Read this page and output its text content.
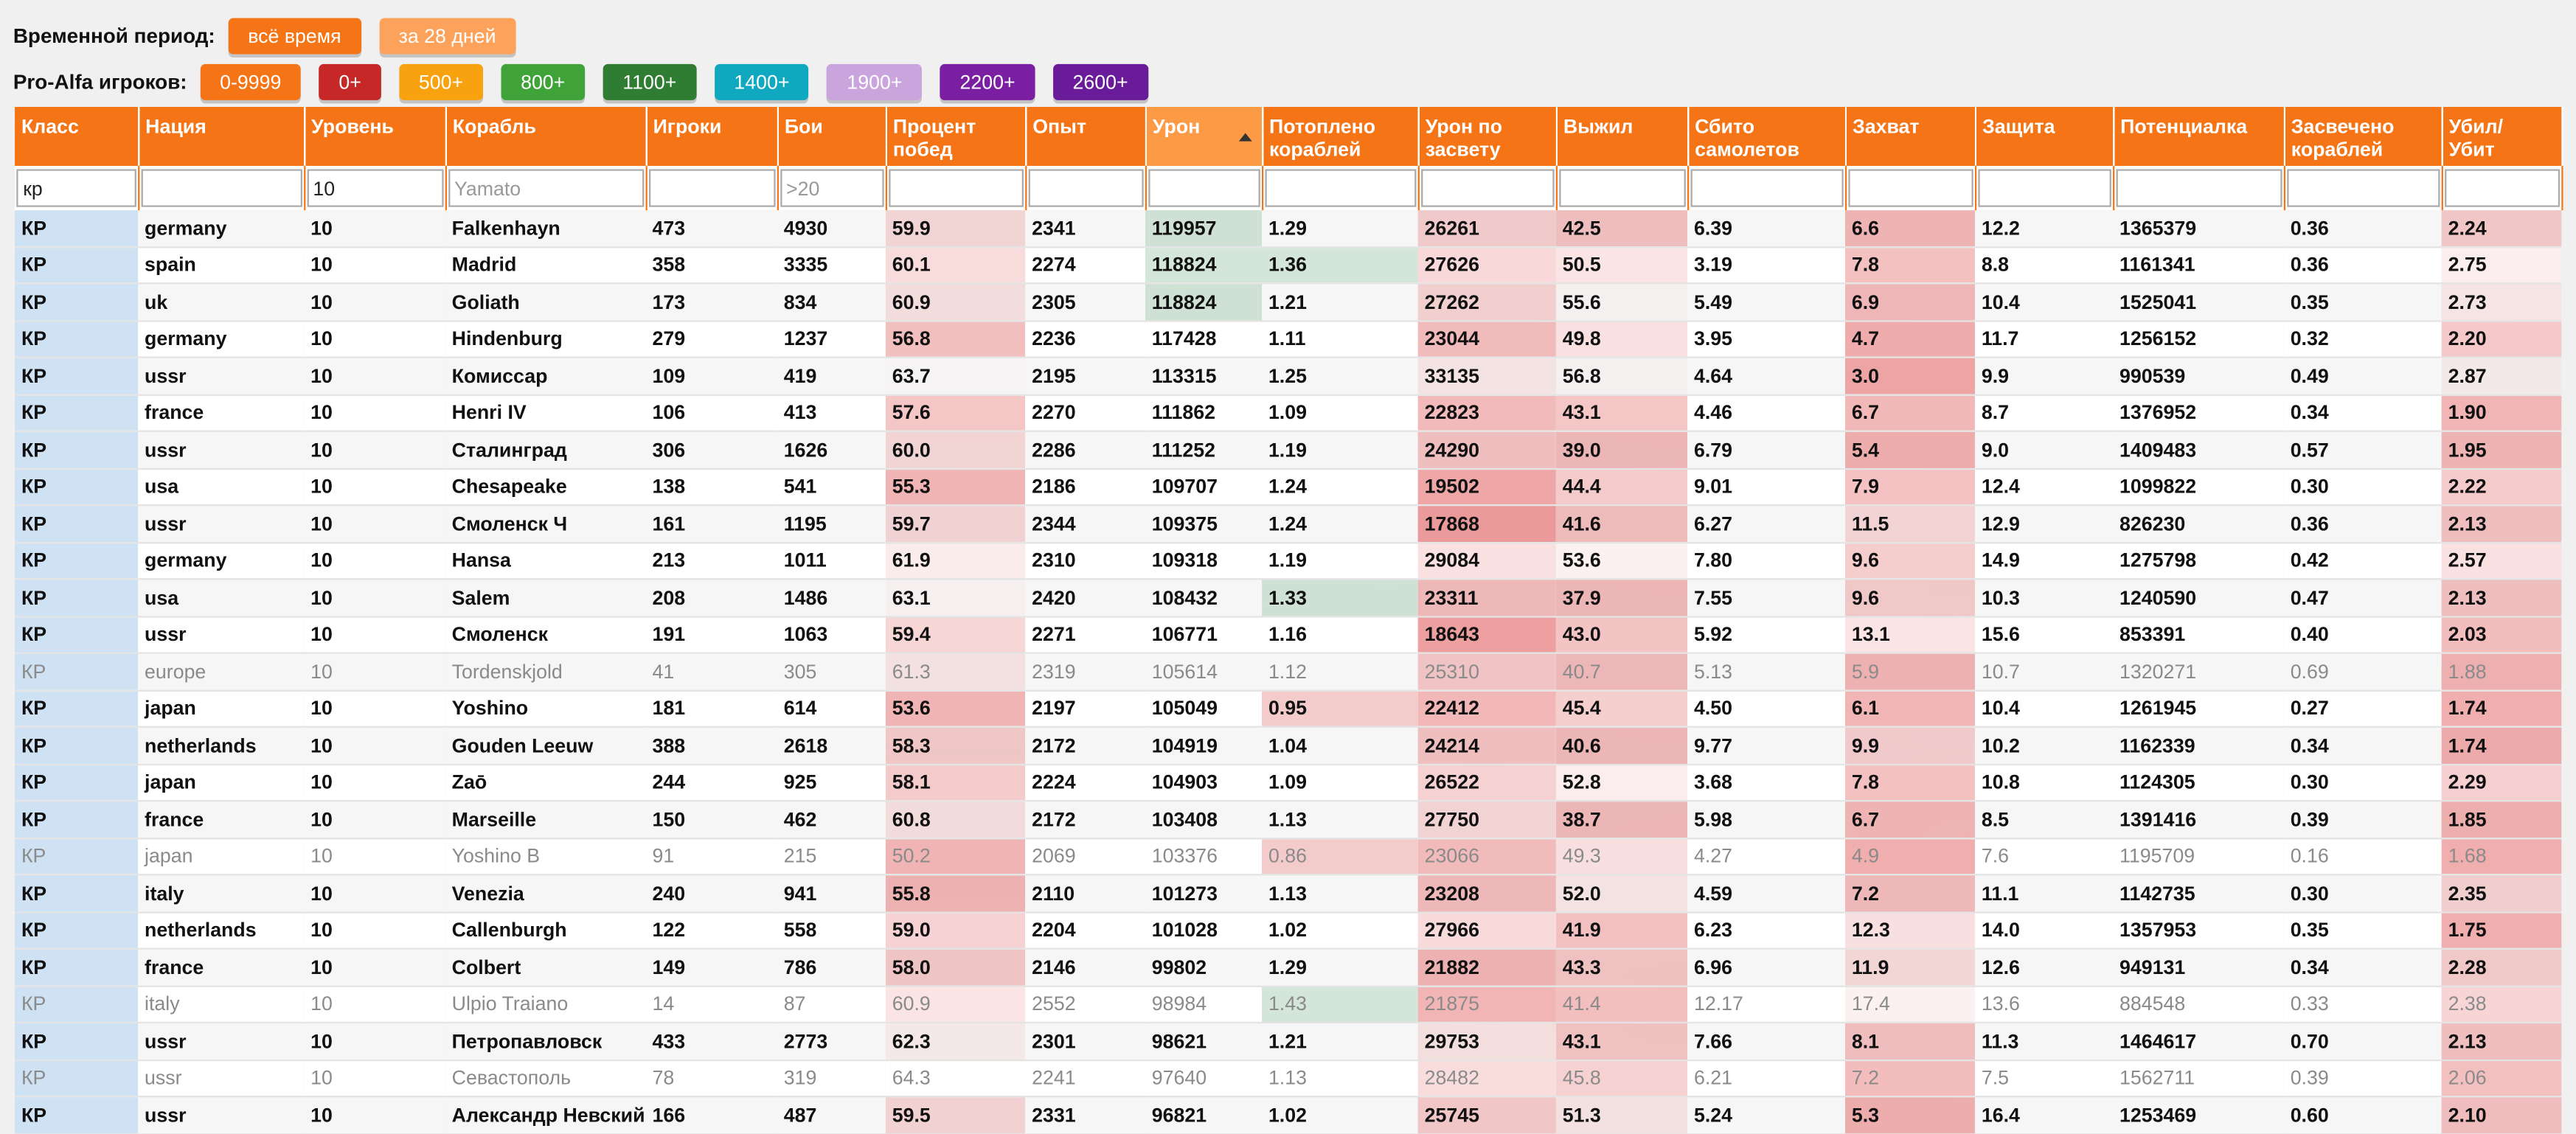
Временной период:	всё время	за 28 дней
Pro-Alfa игроков:	0-9999	0+	500+	800+	1100+	1400+	1900+	2200+	2600+
Класс	Нация	Уровень	Корабль	Игроки	Бои	Процент побед	Опыт	Урон	Потоплено кораблей	Урон по засвету	Выжил	Сбито самолетов	Захват	Защита	Потенциалка	Засвечено кораблей	Убил/ Убит
кр		10	Yamato		>20												
КР	germany	10	Falkenhayn	473	4930	59.9	2341	119957	1.29	26261	42.5	6.39	6.6	12.2	1365379	0.36	2.24
КР	spain	10	Madrid	358	3335	60.1	2274	118824	1.36	27626	50.5	3.19	7.8	8.8	1161341	0.36	2.75
КР	uk	10	Goliath	173	834	60.9	2305	118824	1.21	27262	55.6	5.49	6.9	10.4	1525041	0.35	2.73
КР	germany	10	Hindenburg	279	1237	56.8	2236	117428	1.11	23044	49.8	3.95	4.7	11.7	1256152	0.32	2.20
КР	ussr	10	Комиссар	109	419	63.7	2195	113315	1.25	33135	56.8	4.64	3.0	9.9	990539	0.49	2.87
КР	france	10	Henri IV	106	413	57.6	2270	111862	1.09	22823	43.1	4.46	6.7	8.7	1376952	0.34	1.90
КР	ussr	10	Сталинград	306	1626	60.0	2286	111252	1.19	24290	39.0	6.79	5.4	9.0	1409483	0.57	1.95
КР	usa	10	Chesapeake	138	541	55.3	2186	109707	1.24	19502	44.4	9.01	7.9	12.4	1099822	0.30	2.22
КР	ussr	10	Смоленск Ч	161	1195	59.7	2344	109375	1.24	17868	41.6	6.27	11.5	12.9	826230	0.36	2.13
КР	germany	10	Hansa	213	1011	61.9	2310	109318	1.19	29084	53.6	7.80	9.6	14.9	1275798	0.42	2.57
КР	usa	10	Salem	208	1486	63.1	2420	108432	1.33	23311	37.9	7.55	9.6	10.3	1240590	0.47	2.13
КР	ussr	10	Смоленск	191	1063	59.4	2271	106771	1.16	18643	43.0	5.92	13.1	15.6	853391	0.40	2.03
КР	europe	10	Tordenskjold	41	305	61.3	2319	105614	1.12	25310	40.7	5.13	5.9	10.7	1320271	0.69	1.88
КР	japan	10	Yoshino	181	614	53.6	2197	105049	0.95	22412	45.4	4.50	6.1	10.4	1261945	0.27	1.74
КР	netherlands	10	Gouden Leeuw	388	2618	58.3	2172	104919	1.04	24214	40.6	9.77	9.9	10.2	1162339	0.34	1.74
КР	japan	10	Zaō	244	925	58.1	2224	104903	1.09	26522	52.8	3.68	7.8	10.8	1124305	0.30	2.29
КР	france	10	Marseille	150	462	60.8	2172	103408	1.13	27750	38.7	5.98	6.7	8.5	1391416	0.39	1.85
КР	japan	10	Yoshino B	91	215	50.2	2069	103376	0.86	23066	49.3	4.27	4.9	7.6	1195709	0.16	1.68
КР	italy	10	Venezia	240	941	55.8	2110	101273	1.13	23208	52.0	4.59	7.2	11.1	1142735	0.30	2.35
КР	netherlands	10	Callenburgh	122	558	59.0	2204	101028	1.02	27966	41.9	6.23	12.3	14.0	1357953	0.35	1.75
КР	france	10	Colbert	149	786	58.0	2146	99802	1.29	21882	43.3	6.96	11.9	12.6	949131	0.34	2.28
КР	italy	10	Ulpio Traiano	14	87	60.9	2552	98984	1.43	21875	41.4	12.17	17.4	13.6	884548	0.33	2.38
КР	ussr	10	Петропавловск	433	2773	62.3	2301	98621	1.21	29753	43.1	7.66	8.1	11.3	1464617	0.70	2.13
КР	ussr	10	Севастополь	78	319	64.3	2241	97640	1.13	28482	45.8	6.21	7.2	7.5	1562711	0.39	2.06
КР	ussr	10	Александр Невский	166	487	59.5	2331	96821	1.02	25745	51.3	5.24	5.3	16.4	1253469	0.60	2.10
